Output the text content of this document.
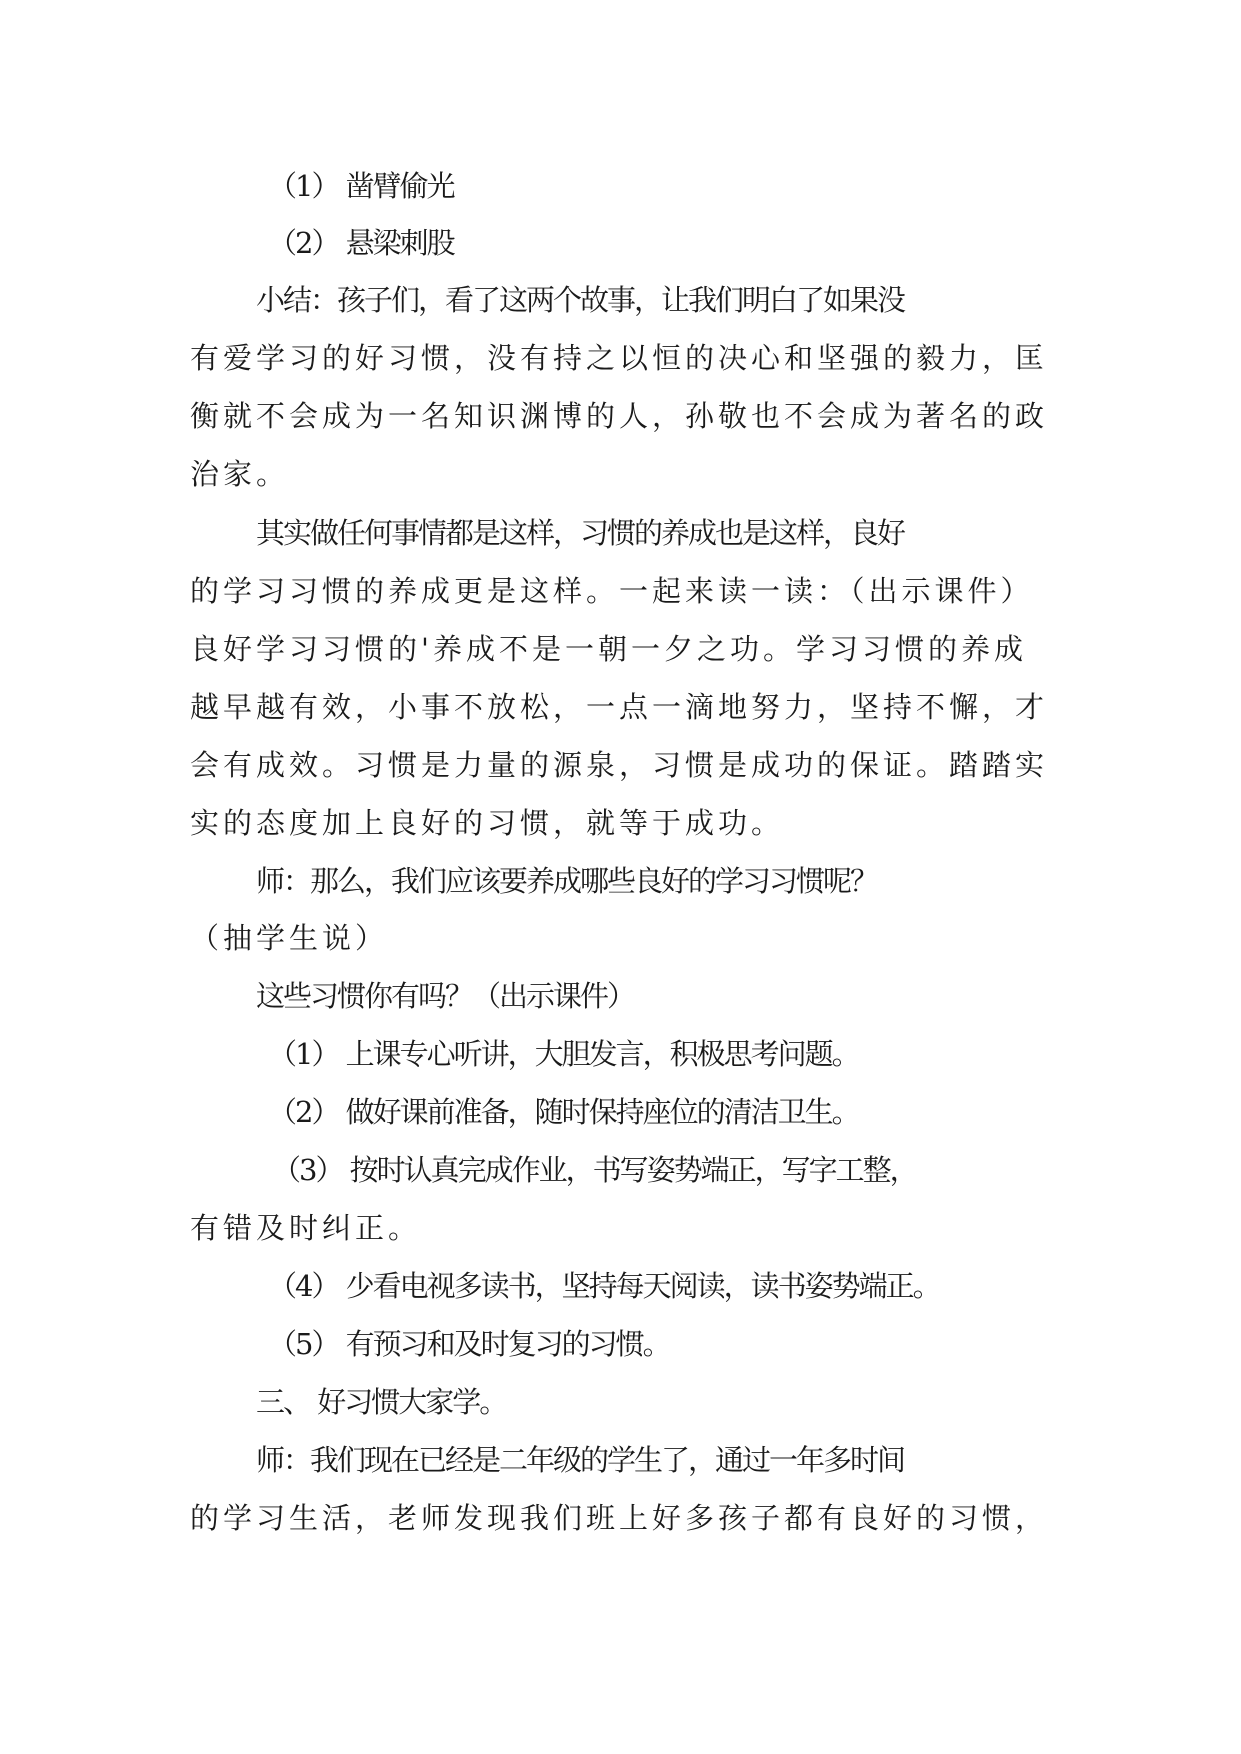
（1） 凿臂偷光
（2） 悬梁刺股
小结：孩子们，看了这两个故事，让我们明白了如果没
有爱学习的好习惯，没有持之以恒的决心和坚强的毅力，匡
衡就不会成为一名知识渊博的人，孙敬也不会成为著名的政
治家。
其实做任何事情都是这样，习惯的养成也是这样，良好
的学习习惯的养成更是这样。一起来读一读：（出示课件）
良好学习习惯的'养成不是一朝一夕之功。学习习惯的养成
越早越有效，小事不放松，一点一滴地努力，坚持不懈，才
会有成效。习惯是力量的源泉，习惯是成功的保证。踏踏实
实的态度加上良好的习惯，就等于成功。
师：那么，我们应该要养成哪些良好的学习习惯呢？
（抽学生说）
这些习惯你有吗？（出示课件）
（1） 上课专心听讲，大胆发言，积极思考问题。
（2） 做好课前准备，随时保持座位的清洁卫生。
（3） 按时认真完成作业，书写姿势端正，写字工整，
有错及时纠正。
（4） 少看电视多读书，坚持每天阅读，读书姿势端正。
（5） 有预习和及时复习的习惯。
三、 好习惯大家学。
师：我们现在已经是二年级的学生了，通过一年多时间
的学习生活，老师发现我们班上好多孩子都有良好的习惯，
